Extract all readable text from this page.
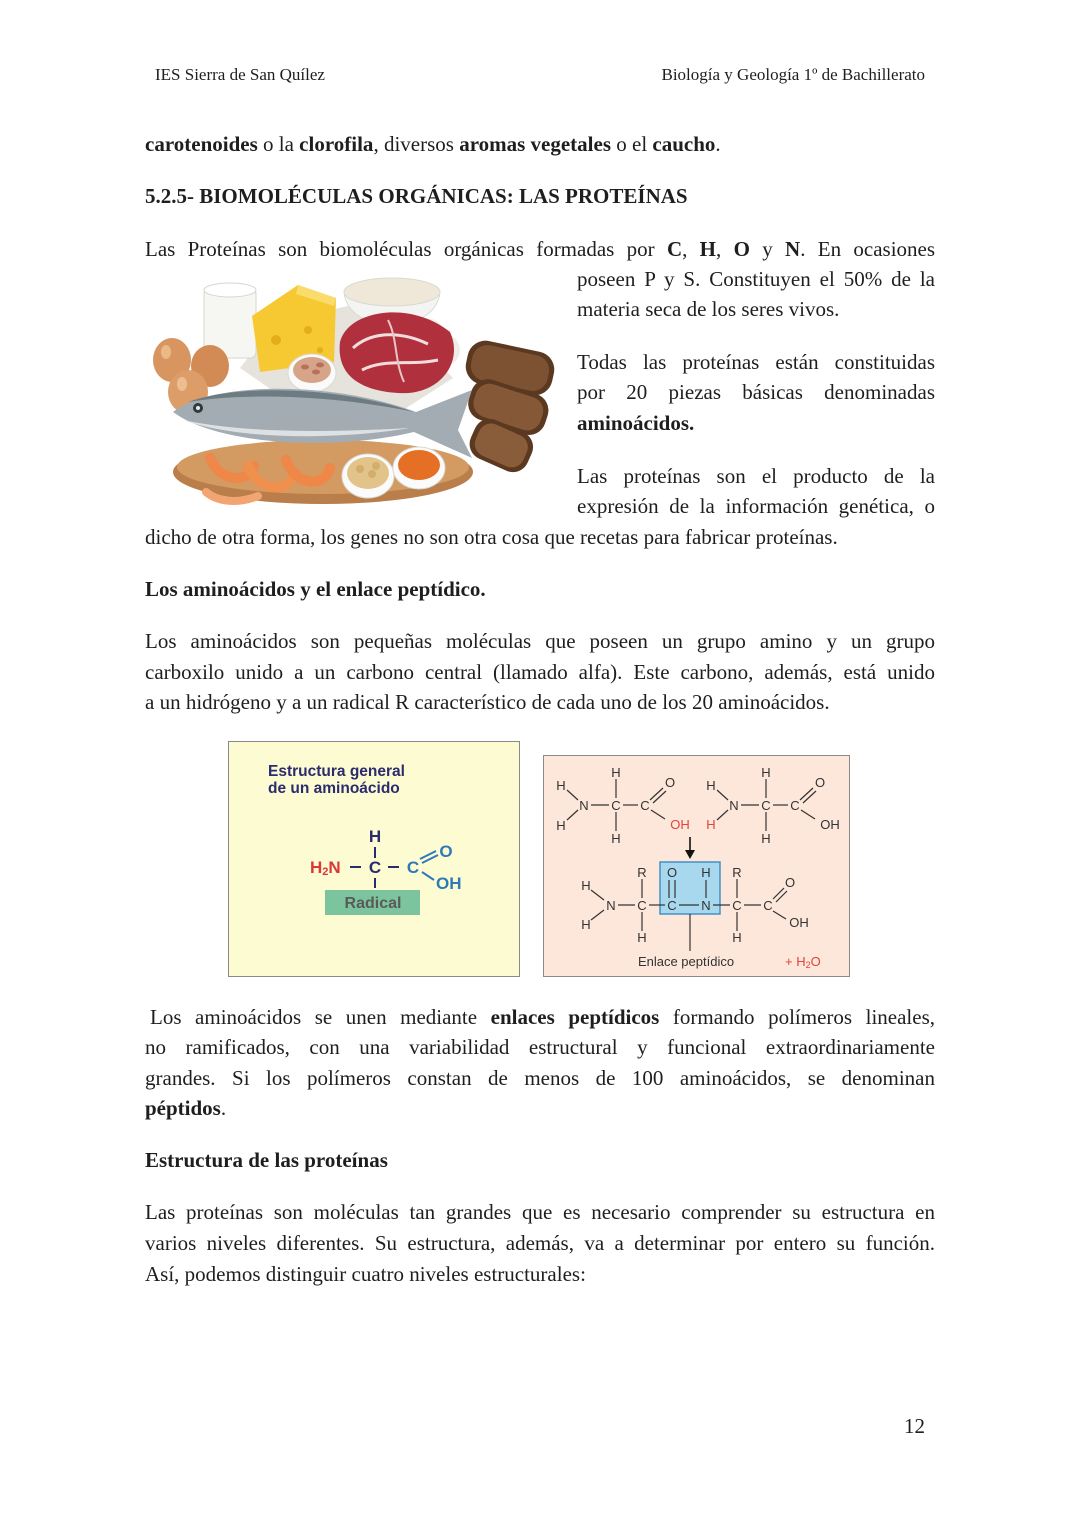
IES Sierra de San Quílez	Biología y Geología 1º de Bachillerato
carotenoides o la clorofila, diversos aromas vegetales o el caucho.
5.2.5- BIOMOLÉCULAS ORGÁNICAS: LAS PROTEÍNAS
Las Proteínas son biomoléculas orgánicas formadas por C, H, O y N. En ocasiones
poseen P y S. Constituyen el 50% de la
materia seca de los seres vivos.
Todas las proteínas están constituidas
por 20 piezas básicas denominadas
aminoácidos.
Las proteínas son el producto de la
expresión de la información genética, o
dicho de otra forma, los genes no son otra cosa que recetas para fabricar proteínas.
Los aminoácidos y el enlace peptídico.
Los aminoácidos son pequeñas moléculas que poseen un grupo amino y un grupo
carboxilo unido a un carbono central (llamado alfa). Este carbono, además, está unido
a un hidrógeno y a un radical R característico de cada uno de los 20 aminoácidos.
Estructura general
de un aminoácido
H
H2N C C
O
OH
Radical
H
H
N C
H
H
C
O
OH
H
H
N C
H
H
C
O
OH
H
H
N C
R
H
C
O
N
H
C
R
H
C
O
OH
Enlace peptídico	+ H2O
Los aminoácidos se unen mediante enlaces peptídicos formando polímeros lineales,
no ramificados, con una variabilidad estructural y funcional extraordinariamente
grandes. Si los polímeros constan de menos de 100 aminoácidos, se denominan
péptidos.
Estructura de las proteínas
Las proteínas son moléculas tan grandes que es necesario comprender su estructura en
varios niveles diferentes. Su estructura, además, va a determinar por entero su función.
Así, podemos distinguir cuatro niveles estructurales:
12
